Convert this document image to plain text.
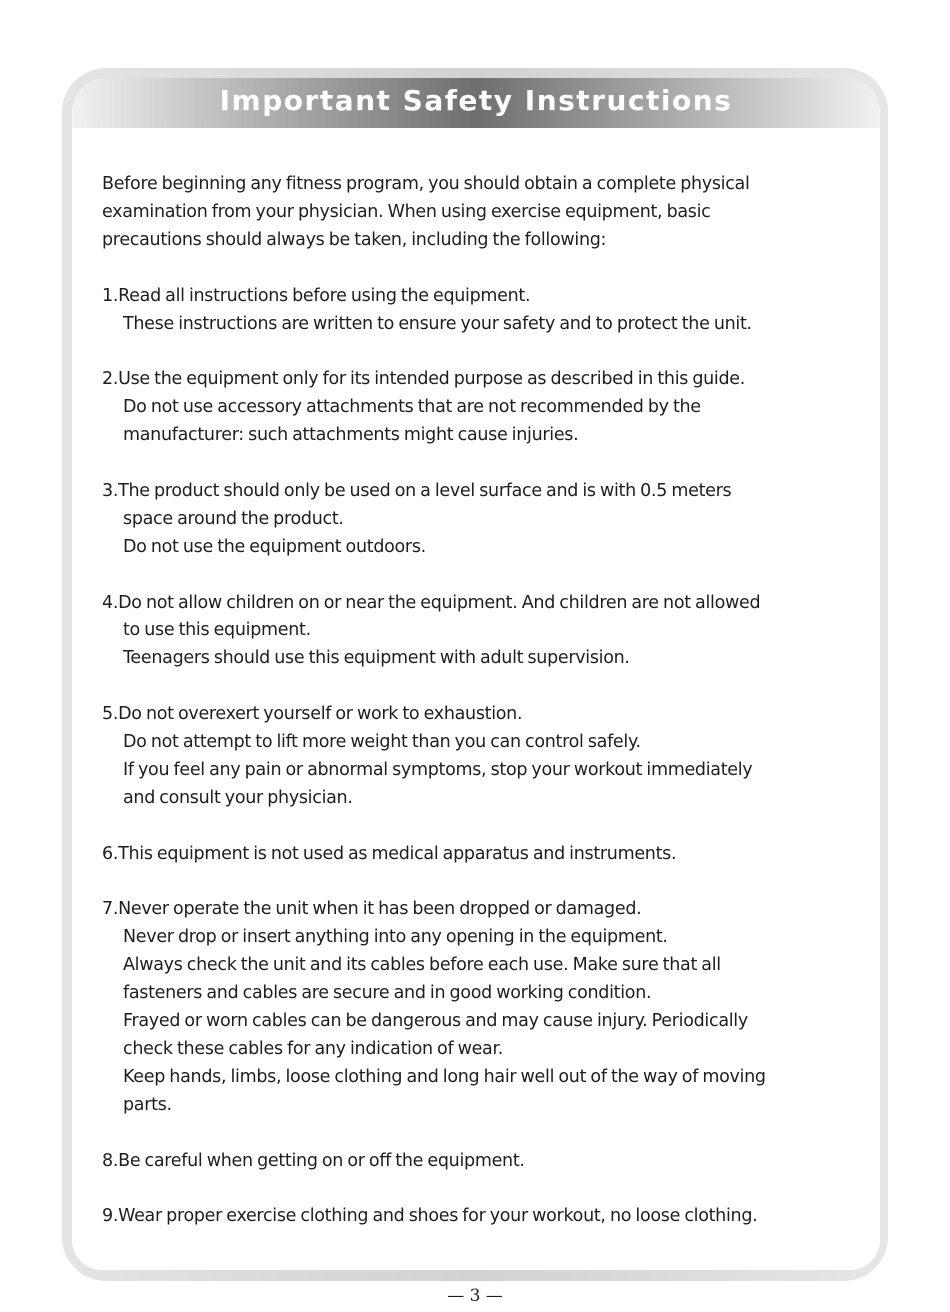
Important Safety Instructions
Before beginning any fitness program, you should obtain a complete physical
examination from your physician. When using exercise equipment, basic
precautions should always be taken, including the following:
1.Read all instructions before using the equipment.
These instructions are written to ensure your safety and to protect the unit.
2.Use the equipment only for its intended purpose as described in this guide.
Do not use accessory attachments that are not recommended by the
manufacturer: such attachments might cause injuries.
3.The product should only be used on a level surface and is with 0.5 meters
space around the product.
Do not use the equipment outdoors.
4.Do not allow children on or near the equipment. And children are not allowed
to use this equipment.
Teenagers should use this equipment with adult supervision.
5.Do not overexert yourself or work to exhaustion.
Do not attempt to lift more weight than you can control safely.
If you feel any pain or abnormal symptoms, stop your workout immediately
and consult your physician.
6.This equipment is not used as medical apparatus and instruments.
7.Never operate the unit when it has been dropped or damaged.
Never drop or insert anything into any opening in the equipment.
Always check the unit and its cables before each use. Make sure that all
fasteners and cables are secure and in good working condition.
Frayed or worn cables can be dangerous and may cause injury. Periodically
check these cables for any indication of wear.
Keep hands, limbs, loose clothing and long hair well out of the way of moving
parts.
8.Be careful when getting on or off the equipment.
9.Wear proper exercise clothing and shoes for your workout, no loose clothing.
— 3 —
